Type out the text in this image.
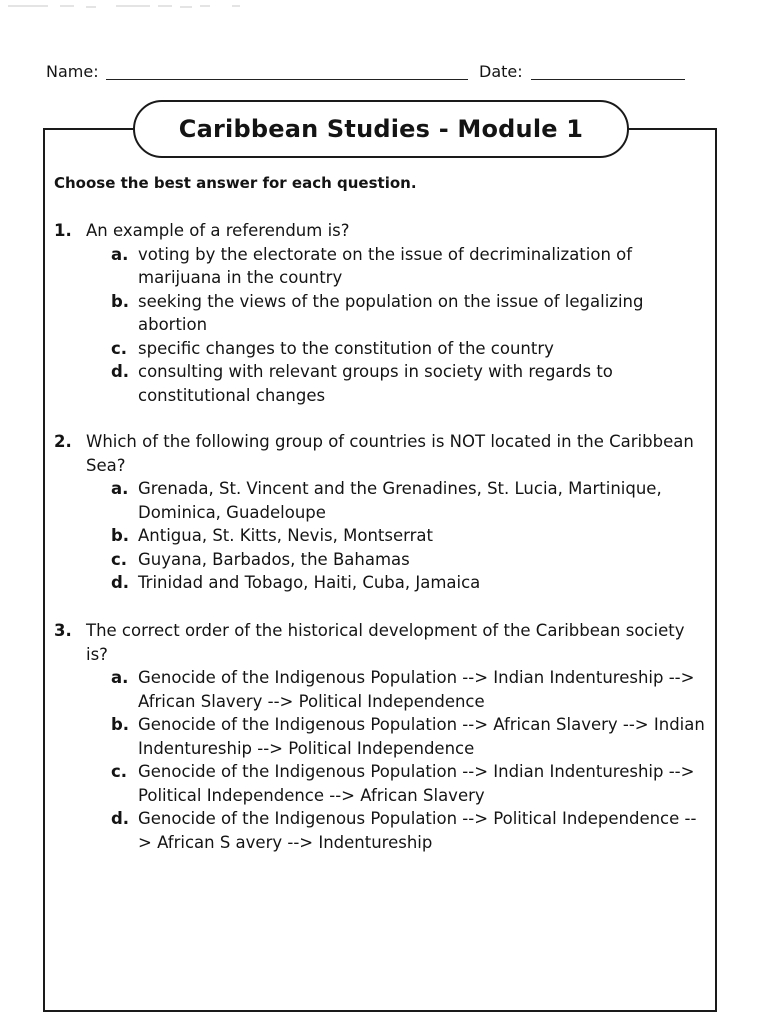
Name:	Date:
Caribbean Studies - Module 1
Choose the best answer for each question.
1. An example of a referendum is?
a. voting by the electorate on the issue of decriminalization of marijuana in the country
b. seeking the views of the population on the issue of legalizing abortion
c. specific changes to the constitution of the country
d. consulting with relevant groups in society with regards to constitutional changes
2. Which of the following group of countries is NOT located in the Caribbean Sea?
a. Grenada, St. Vincent and the Grenadines, St. Lucia, Martinique, Dominica, Guadeloupe
b. Antigua, St. Kitts, Nevis, Montserrat
c. Guyana, Barbados, the Bahamas
d. Trinidad and Tobago, Haiti, Cuba, Jamaica
3. The correct order of the historical development of the Caribbean society is?
a. Genocide of the Indigenous Population --> Indian Indentureship --> African Slavery --> Political Independence
b. Genocide of the Indigenous Population --> African Slavery --> Indian Indentureship --> Political Independence
c. Genocide of the Indigenous Population --> Indian Indentureship --> Political Independence --> African Slavery
d. Genocide of the Indigenous Population --> Political Independence --> African S avery --> Indentureship
